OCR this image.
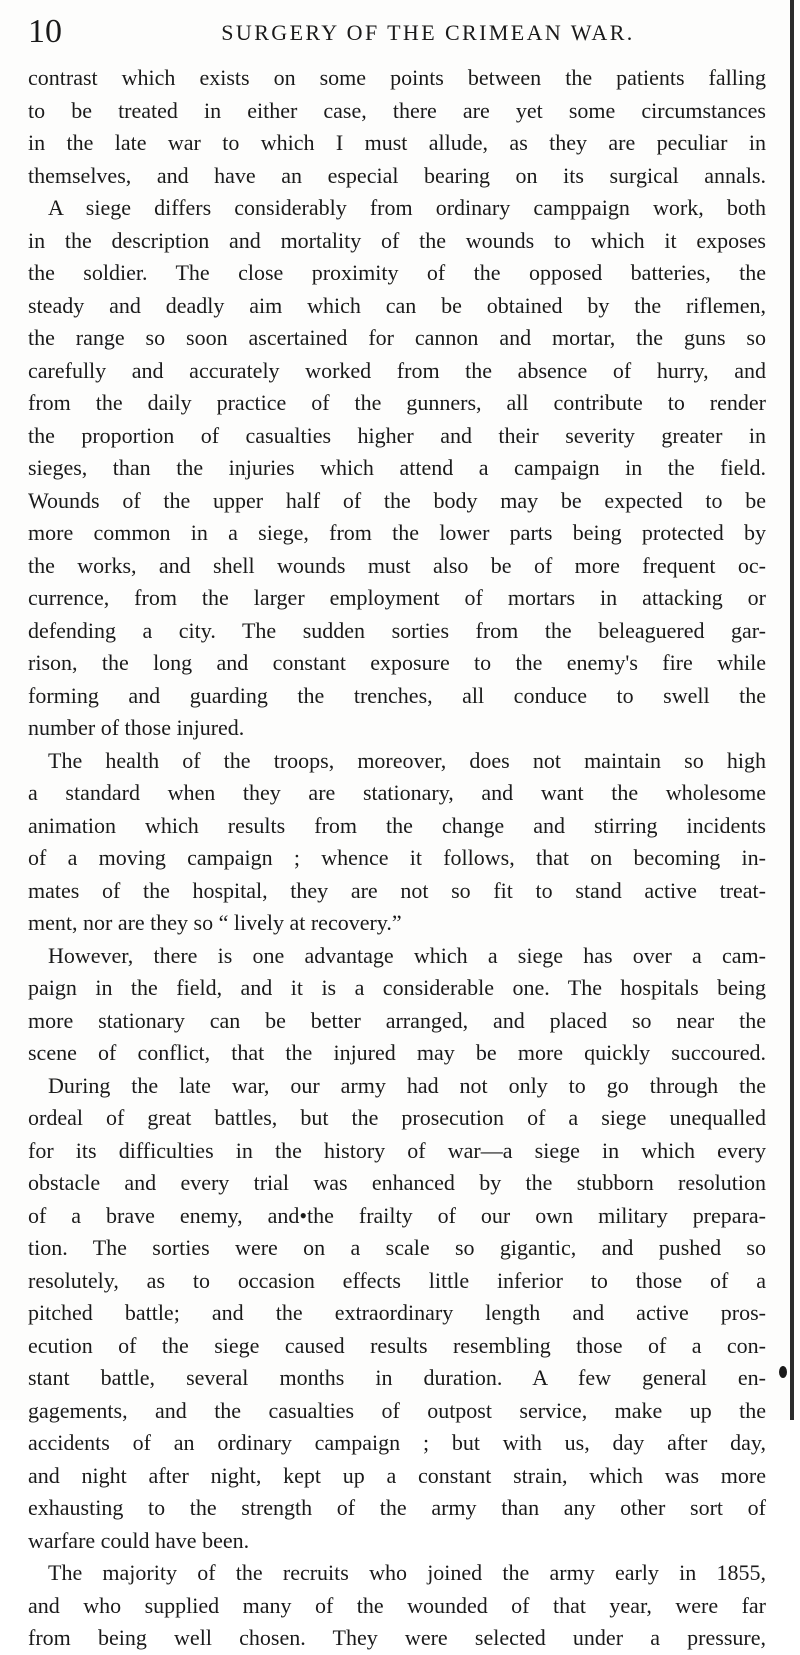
10	SURGERY OF THE CRIMEAN WAR.
contrast which exists on some points between the patients falling
to be treated in either case, there are yet some circumstances
in the late war to which I must allude, as they are peculiar in
themselves, and have an especial bearing on its surgical annals.
A siege differs considerably from ordinary camppaign work, both
in the description and mortality of the wounds to which it exposes
the soldier. The close proximity of the opposed batteries, the
steady and deadly aim which can be obtained by the riflemen,
the range so soon ascertained for cannon and mortar, the guns so
carefully and accurately worked from the absence of hurry, and
from the daily practice of the gunners, all contribute to render
the proportion of casualties higher and their severity greater in
sieges, than the injuries which attend a campaign in the field.
Wounds of the upper half of the body may be expected to be
more common in a siege, from the lower parts being protected by
the works, and shell wounds must also be of more frequent oc-
currence, from the larger employment of mortars in attacking or
defending a city. The sudden sorties from the beleaguered gar-
rison, the long and constant exposure to the enemy's fire while
forming and guarding the trenches, all conduce to swell the
number of those injured.
The health of the troops, moreover, does not maintain so high
a standard when they are stationary, and want the wholesome
animation which results from the change and stirring incidents
of a moving campaign ; whence it follows, that on becoming in-
mates of the hospital, they are not so fit to stand active treat-
ment, nor are they so “ lively at recovery.”
However, there is one advantage which a siege has over a cam-
paign in the field, and it is a considerable one. The hospitals being
more stationary can be better arranged, and placed so near the
scene of conflict, that the injured may be more quickly succoured.
During the late war, our army had not only to go through the
ordeal of great battles, but the prosecution of a siege unequalled
for its difficulties in the history of war—a siege in which every
obstacle and every trial was enhanced by the stubborn resolution
of a brave enemy, and•the frailty of our own military prepara-
tion. The sorties were on a scale so gigantic, and pushed so
resolutely, as to occasion effects little inferior to those of a
pitched battle; and the extraordinary length and active pros-
ecution of the siege caused results resembling those of a con-
stant battle, several months in duration. A few general en-
gagements, and the casualties of outpost service, make up the
accidents of an ordinary campaign ; but with us, day after day,
and night after night, kept up a constant strain, which was more
exhausting to the strength of the army than any other sort of
warfare could have been.
The majority of the recruits who joined the army early in 1855,
and who supplied many of the wounded of that year, were far
from being well chosen. They were selected under a pressure,
